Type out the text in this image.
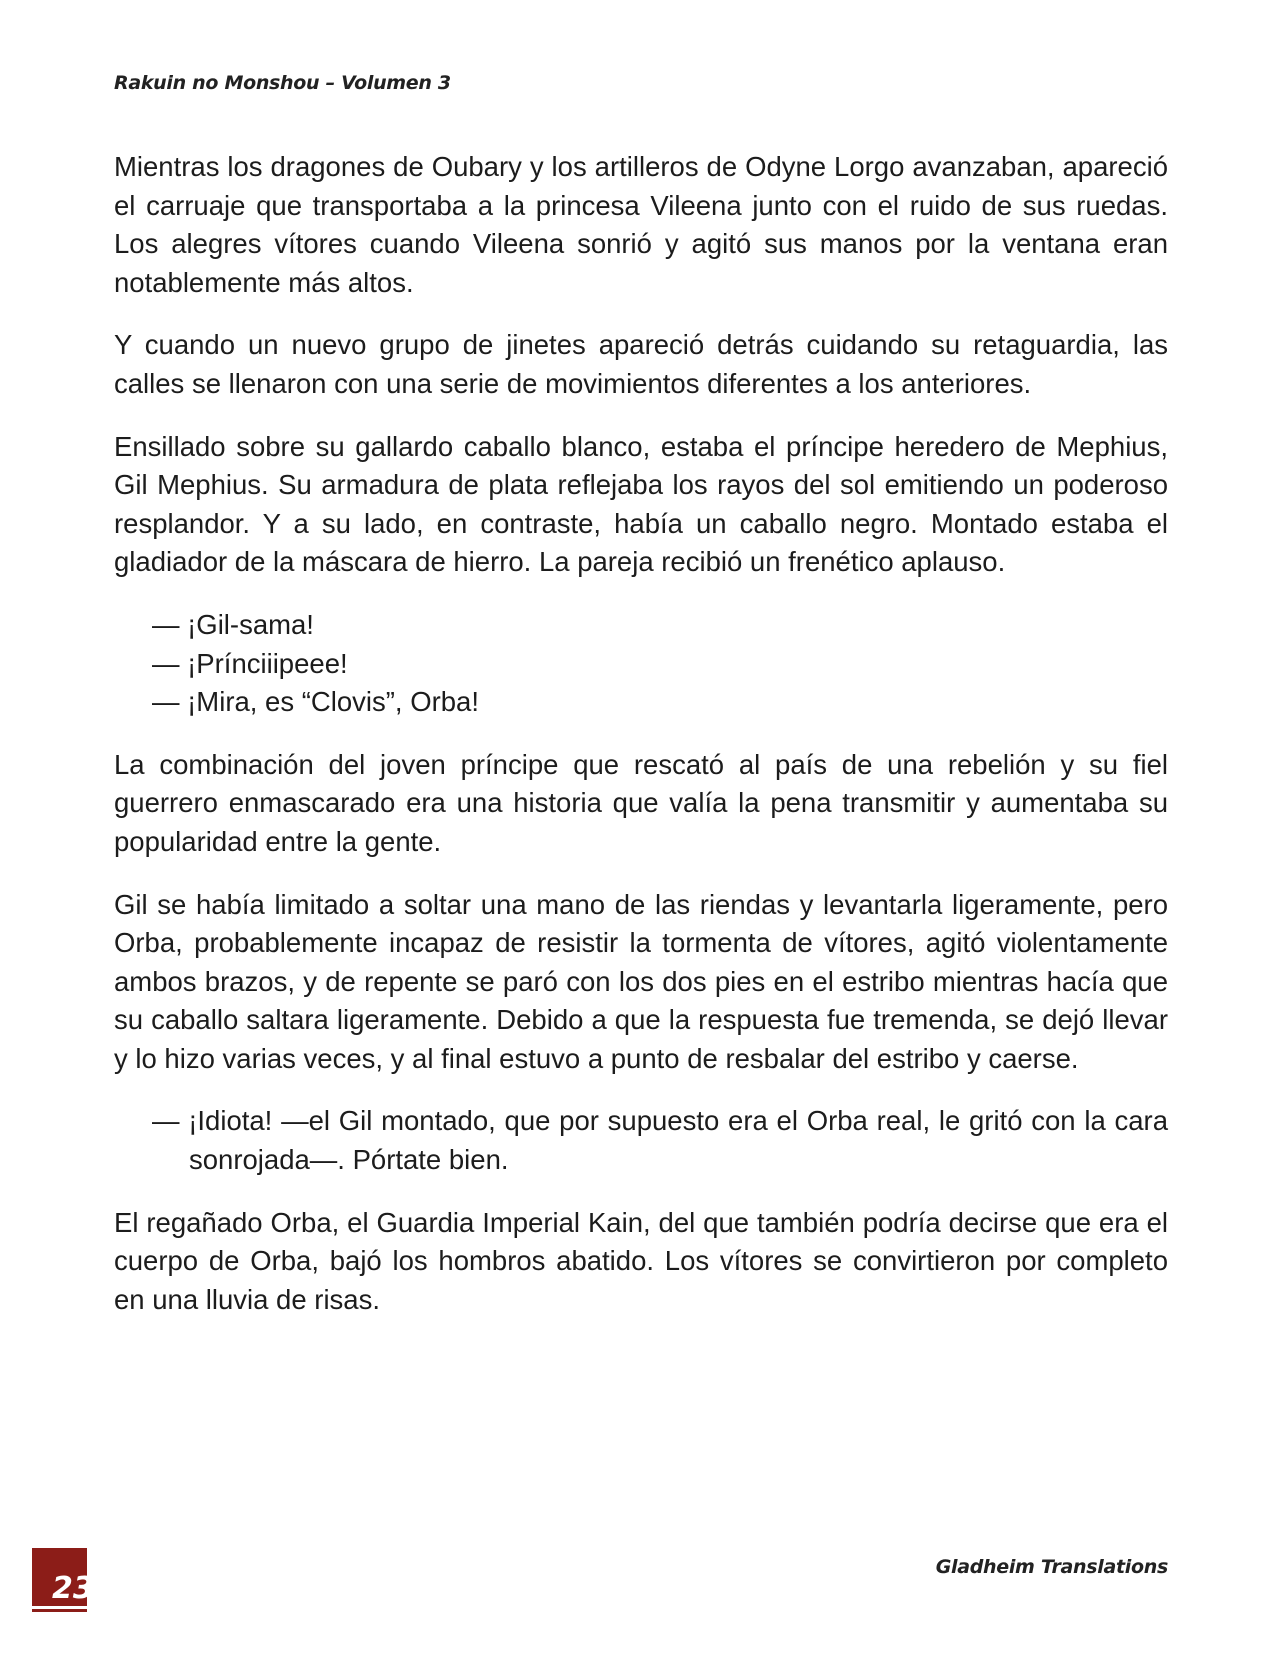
Rakuin no Monshou – Volumen 3

Mientras los dragones de Oubary y los artilleros de Odyne Lorgo avanzaban, apareció el carruaje que transportaba a la princesa Vileena junto con el ruido de sus ruedas. Los alegres vítores cuando Vileena sonrió y agitó sus manos por la ventana eran notablemente más altos.

Y cuando un nuevo grupo de jinetes apareció detrás cuidando su retaguardia, las calles se llenaron con una serie de movimientos diferentes a los anteriores.

Ensillado sobre su gallardo caballo blanco, estaba el príncipe heredero de Mephius, Gil Mephius. Su armadura de plata reflejaba los rayos del sol emitiendo un poderoso resplandor. Y a su lado, en contraste, había un caballo negro. Montado estaba el gladiador de la máscara de hierro. La pareja recibió un frenético aplauso.

— ¡Gil-sama!

— ¡Prínciiipeee!

— ¡Mira, es “Clovis”, Orba!

La combinación del joven príncipe que rescató al país de una rebelión y su fiel guerrero enmascarado era una historia que valía la pena transmitir y aumentaba su popularidad entre la gente.

Gil se había limitado a soltar una mano de las riendas y levantarla ligeramente, pero Orba, probablemente incapaz de resistir la tormenta de vítores, agitó violentamente ambos brazos, y de repente se paró con los dos pies en el estribo mientras hacía que su caballo saltara ligeramente. Debido a que la respuesta fue tremenda, se dejó llevar y lo hizo varias veces, y al final estuvo a punto de resbalar del estribo y caerse.

— ¡Idiota! —el Gil montado, que por supuesto era el Orba real, le gritó con la cara sonrojada—. Pórtate bien.

El regañado Orba, el Guardia Imperial Kain, del que también podría decirse que era el cuerpo de Orba, bajó los hombros abatido. Los vítores se convirtieron por completo en una lluvia de risas.

23
Gladheim Translations
